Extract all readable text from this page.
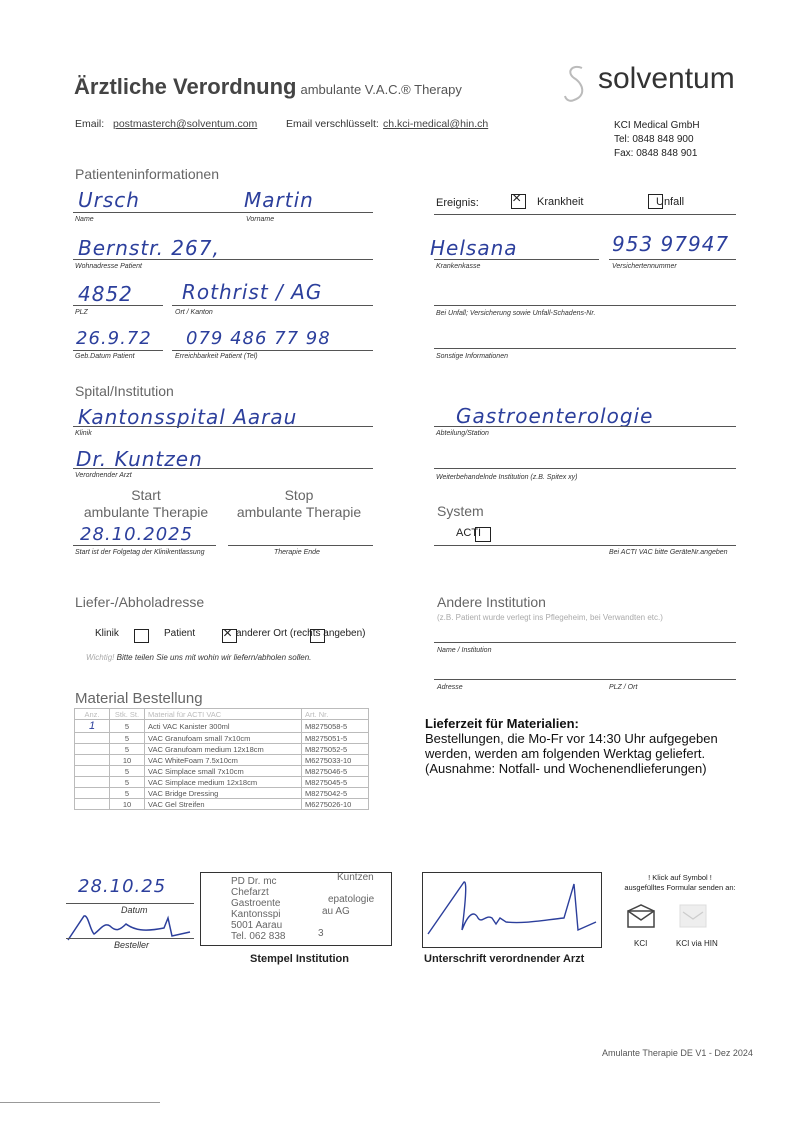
Ärztliche Verordnung ambulante V.A.C.® Therapy	solventum
Email: postmasterch@solventum.com	Email verschlüsselt: ch.kci-medical@hin.ch	KCI Medical GmbH
Tel: 0848 848 900
Fax: 0848 848 901
Patienteninformationen
Ursch	Martin
Name	Vorname
Bernstr. 267,
Wohnadresse Patient
4852 Rothrist / AG
PLZ	Ort / Kanton
26.9.72 079 486 77 98
Geb.Datum Patient	Erreichbarkeit Patient (Tel)
Ereignis: ×	Krankheit
	Unfall
Helsana	953 97947
Krankenkasse	Versichertennummer
Bei Unfall; Versicherung sowie Unfall-Schadens-Nr.
Sonstige Informationen
Spital/Institution
Kantonsspital Aarau
Klinik
Dr. Kuntzen
Verordnender Arzt
Gastroenterologie
Abteilung/Station
Weiterbehandelnde Institution (z.B. Spitex xy)
Start
ambulante Therapie
Stop
ambulante Therapie
28.10.2025
Start ist der Folgetag der Klinikentlassung	Therapie Ende
System

ACTI
Bei ACTI VAC bitte GeräteNr.angeben
Liefer-/Abholadresse

Klinik ×	Patient	anderer Ort (rechts angeben)
Wichtig! Bitte teilen Sie uns mit wohin wir liefern/abholen sollen.
Andere Institution
(z.B. Patient wurde verlegt ins Pflegeheim, bei Verwandten etc.)
Name / Institution
Adresse	PLZ / Ort
Material Bestellung
Anz.	Stk. St.	Material für ACTI VAC	Art. Nr.
1	5	Acti VAC Kanister 300ml	M8275058-5
	5	VAC Granufoam small 7x10cm	M8275051-5
	5	VAC Granufoam medium 12x18cm	M8275052-5
	10	VAC WhiteFoam 7.5x10cm	M6275033-10
	5	VAC Simplace small 7x10cm	M8275046-5
	5	VAC Simplace medium 12x18cm	M8275045-5
	5	VAC Bridge Dressing	M8275042-5
	10	VAC Gel Streifen	M6275026-10
Lieferzeit für Materialien:
Bestellungen, die Mo-Fr vor 14:30 Uhr aufgegeben
werden, werden am folgenden Werktag geliefert.
(Ausnahme: Notfall- und Wochenendlieferungen)
28.10.25
Datum
Besteller
PD Dr. mc
Chefarzt
Gastroente
Kantonsspi
5001 Aarau
Tel. 062 838
Kuntzen
epatologie
au AG
3
Stempel Institution	Unterschrift verordnender Arzt
! Klick auf Symbol !
ausgefülltes Formular senden an:
KCI	KCI via HIN
Amulante Therapie DE V1 - Dez 2024
